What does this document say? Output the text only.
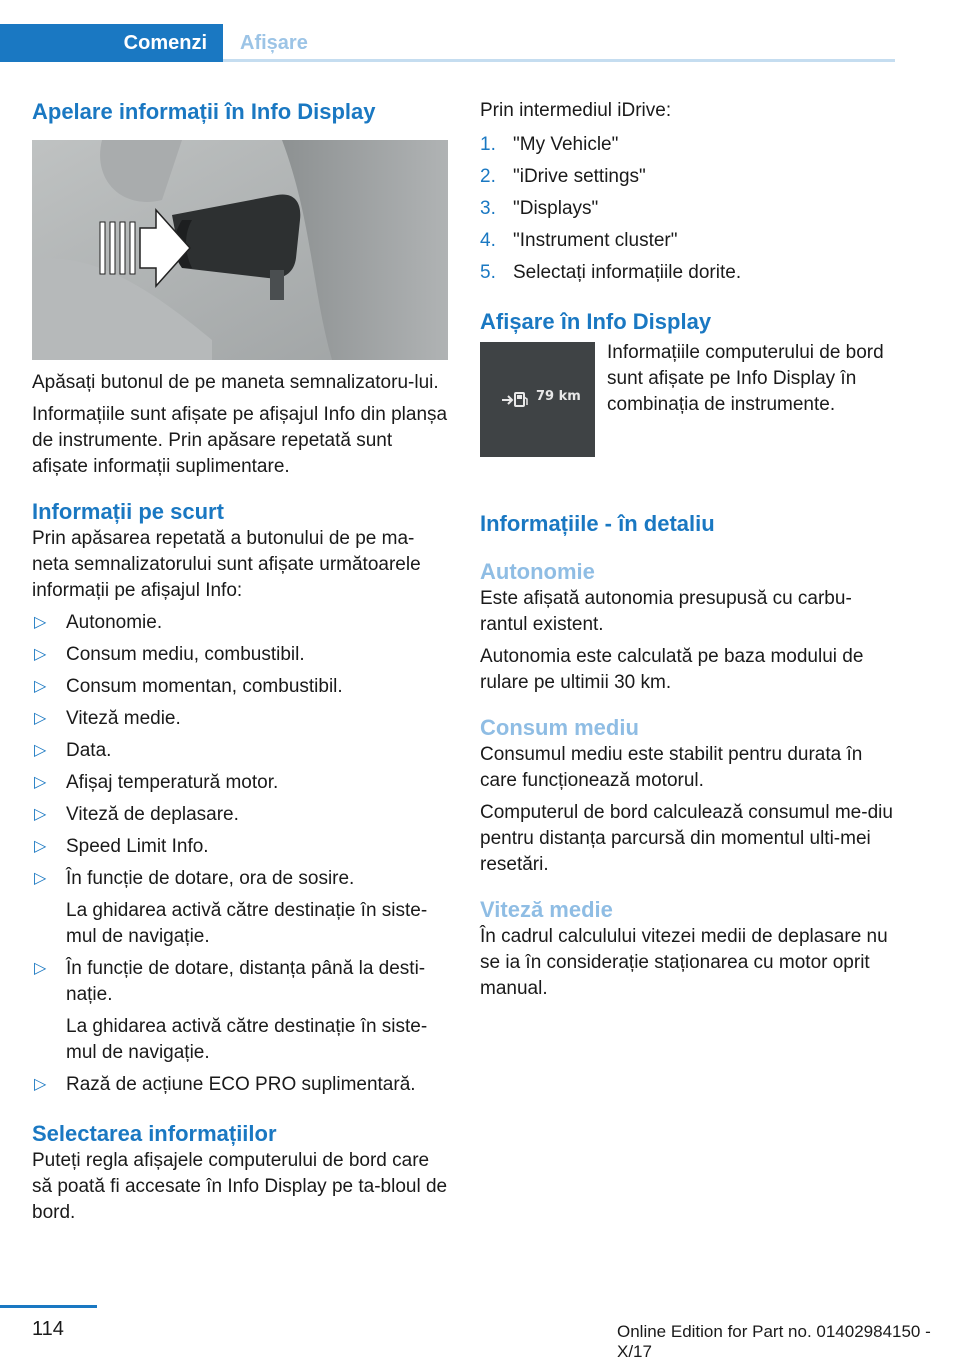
Comenzi	Afișare
Apelare informații în Info Display

Apăsați butonul de pe maneta semnalizatoru‐lui.

Informațiile sunt afișate pe afișajul Info din planșa de instrumente. Prin apăsare repetată sunt afișate informații suplimentare.

Informații pe scurt

Prin apăsarea repetată a butonului de pe ma‐neta semnalizatorului sunt afișate următoarele informații pe afișajul Info:

▷ Autonomie.
▷ Consum mediu, combustibil.
▷ Consum momentan, combustibil.
▷ Viteză medie.
▷ Data.
▷ Afișaj temperatură motor.
▷ Viteză de deplasare.
▷ Speed Limit Info.
▷ În funcție de dotare, ora de sosire.
La ghidarea activă către destinație în siste‐mul de navigație.
▷ În funcție de dotare, distanța până la desti‐nație.
La ghidarea activă către destinație în siste‐mul de navigație.
▷ Rază de acțiune ECO PRO suplimentară.
Selectarea informațiilor

Puteți regla afișajele computerului de bord care să poată fi accesate în Info Display pe ta‐bloul de bord.

Prin intermediul iDrive:

1. "My Vehicle"
2. "iDrive settings"
3. "Displays"
4. "Instrument cluster"
5. Selectați informațiile dorite.
Afișare în Info Display
79 km

Informațiile computerului de bord sunt afișate pe Info Display în combinația de instrumente.

Informațiile - în detaliu
Autonomie

Este afișată autonomia presupusă cu carbu‐rantul existent.

Autonomia este calculată pe baza modului de rulare pe ultimii 30 km.

Consum mediu

Consumul mediu este stabilit pentru durata în care funcționează motorul.

Computerul de bord calculează consumul me‐diu pentru distanța parcursă din momentul ulti‐mei resetări.

Viteză medie

În cadrul calculului vitezei medii de deplasare nu se ia în considerație staționarea cu motor oprit manual.

114	Online Edition for Part no. 01402984150 - X/17
